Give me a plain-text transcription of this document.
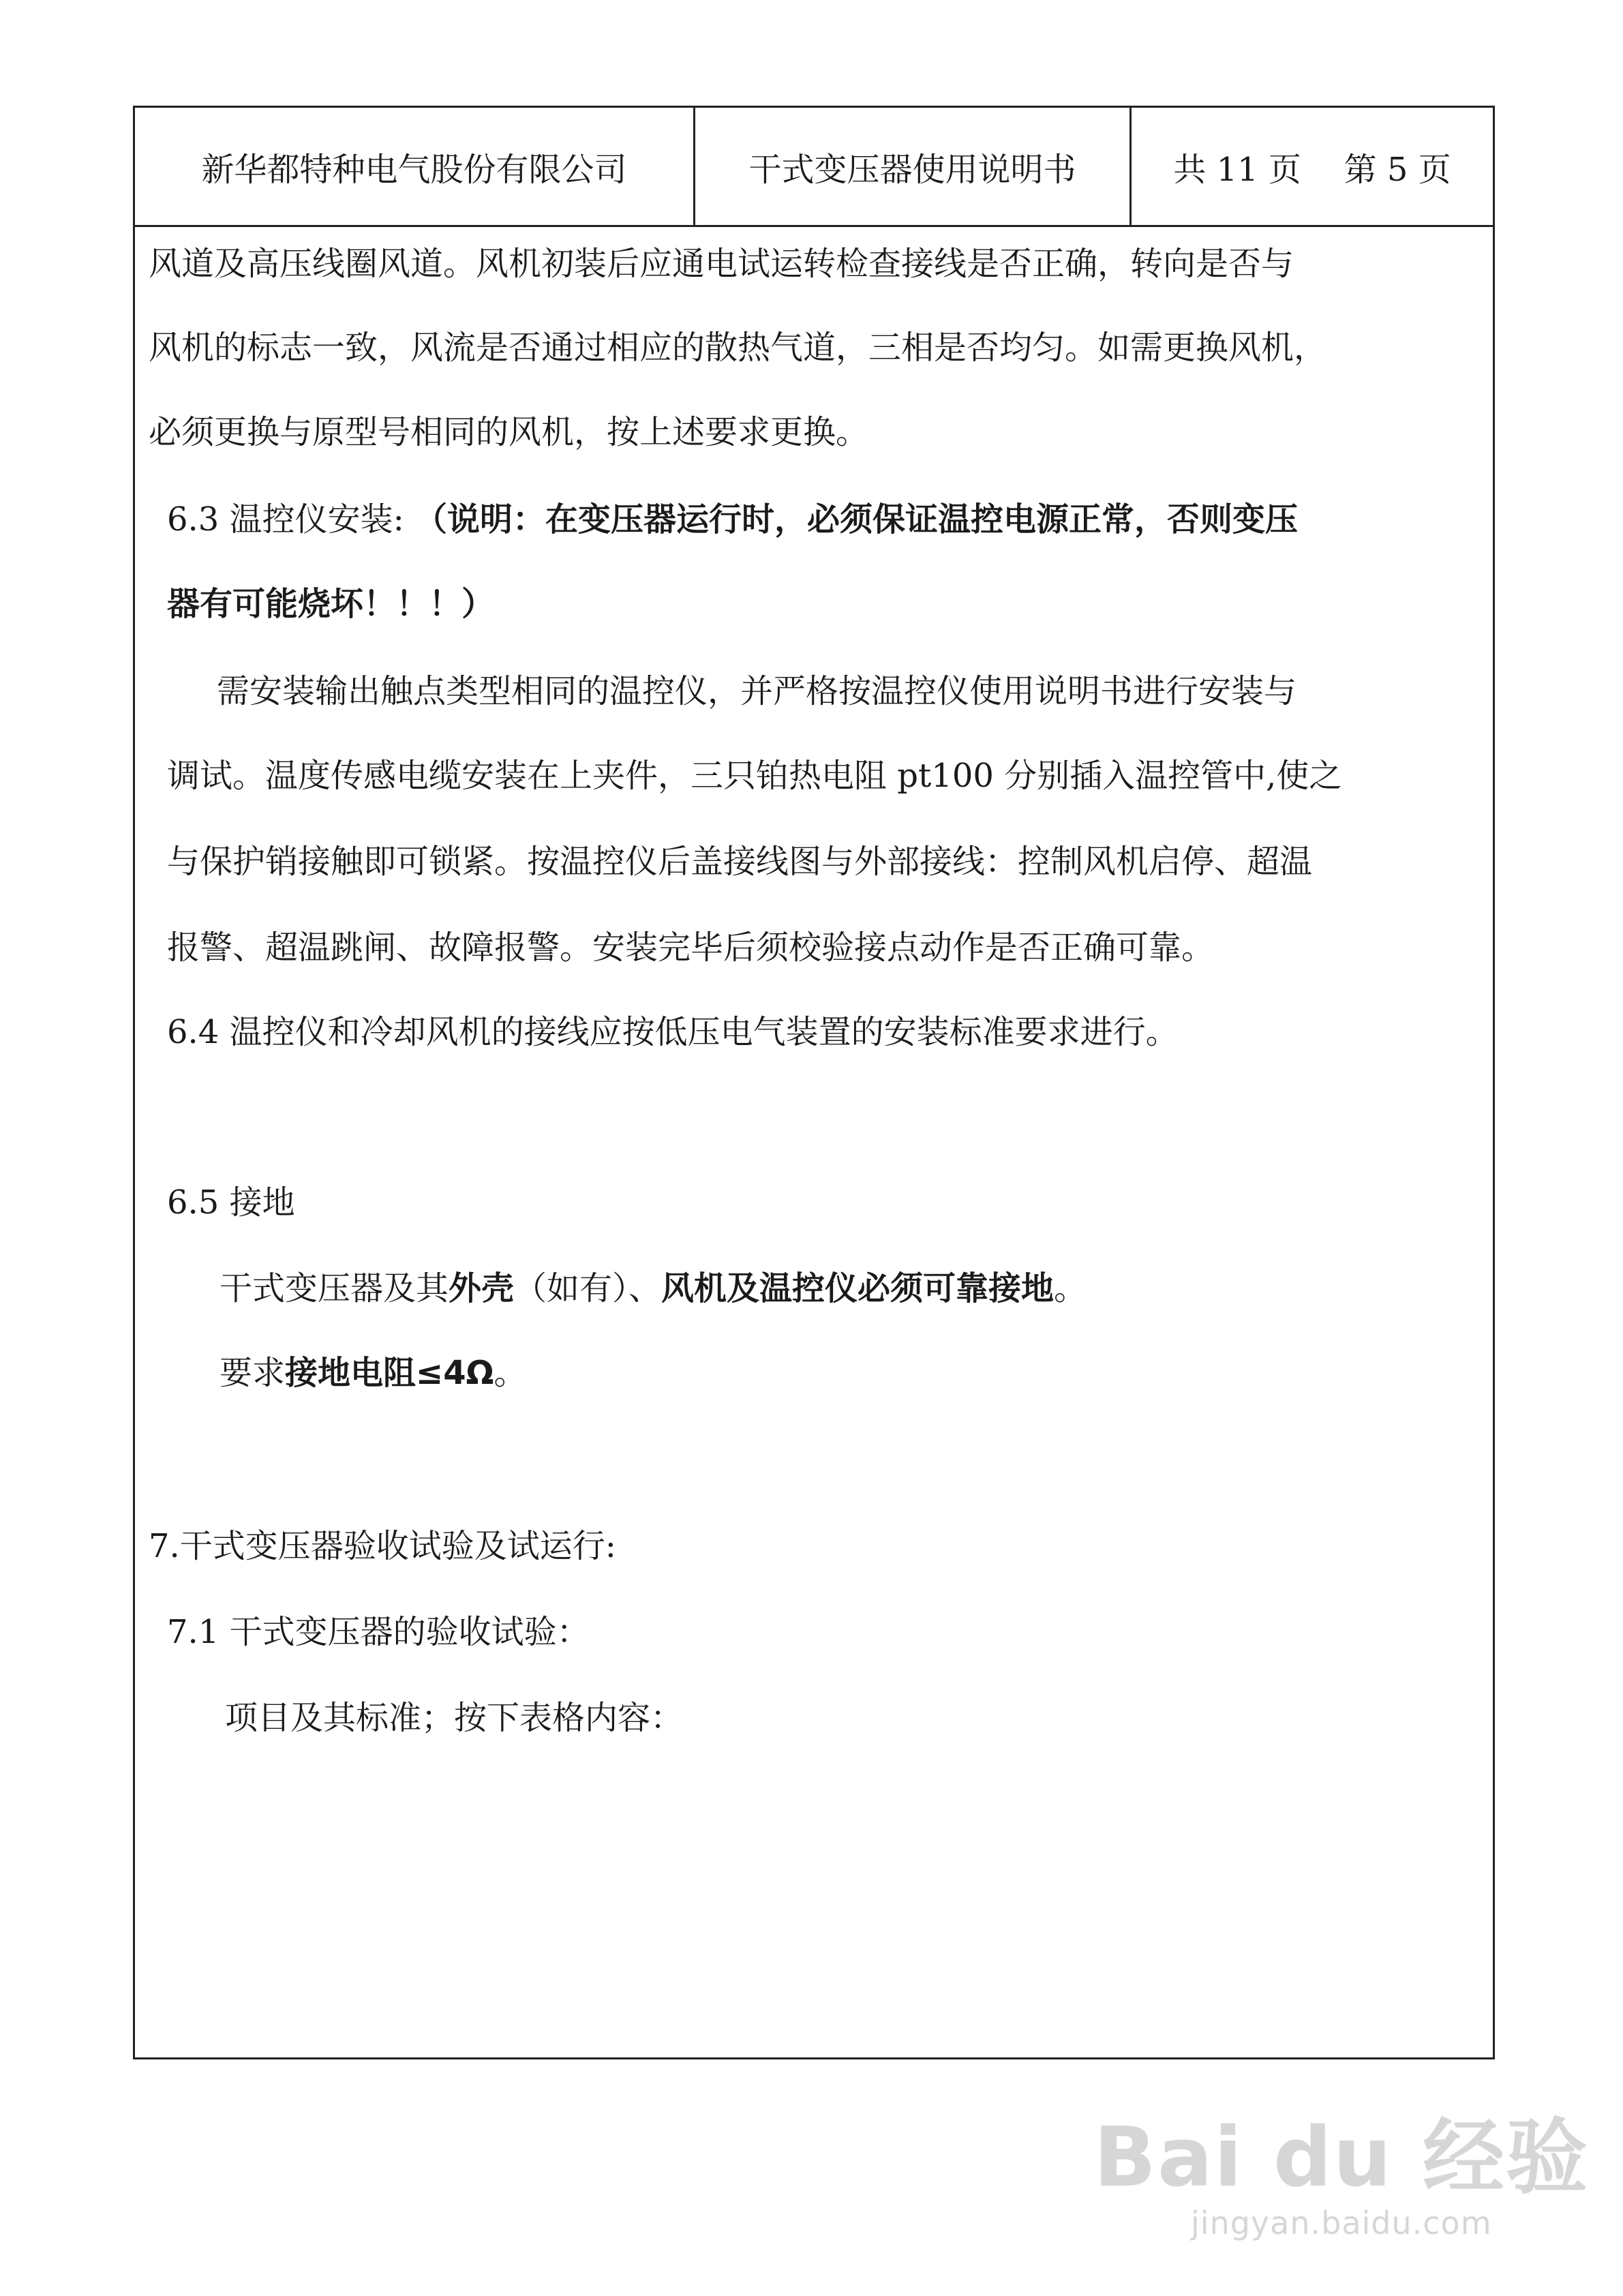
新华都特种电气股份有限公司	干式变压器使用说明书	共 11 页 第 5 页
风道及高压线圈风道。风机初装后应通电试运转检查接线是否正确，转向是否与
风机的标志一致，风流是否通过相应的散热气道，三相是否均匀。如需更换风机，
必须更换与原型号相同的风机，按上述要求更换。
6.3 温控仪安装: （说明：在变压器运行时，必须保证温控电源正常，否则变压
器有可能烧坏！！！）
需安装输出触点类型相同的温控仪，并严格按温控仪使用说明书进行安装与
调试。温度传感电缆安装在上夹件，三只铂热电阻 pt100 分别插入温控管中,使之
与保护销接触即可锁紧。按温控仪后盖接线图与外部接线：控制风机启停、超温
报警、超温跳闸、故障报警。安装完毕后须校验接点动作是否正确可靠。
6.4 温控仪和冷却风机的接线应按低压电气装置的安装标准要求进行。
6.5 接地
干式变压器及其外壳（如有）、风机及温控仪必须可靠接地。
要求接地电阻≤4Ω。
7.干式变压器验收试验及试运行:
7.1 干式变压器的验收试验：
项目及其标准；按下表格内容：
Bai du 经验
jingyan.baidu.com
